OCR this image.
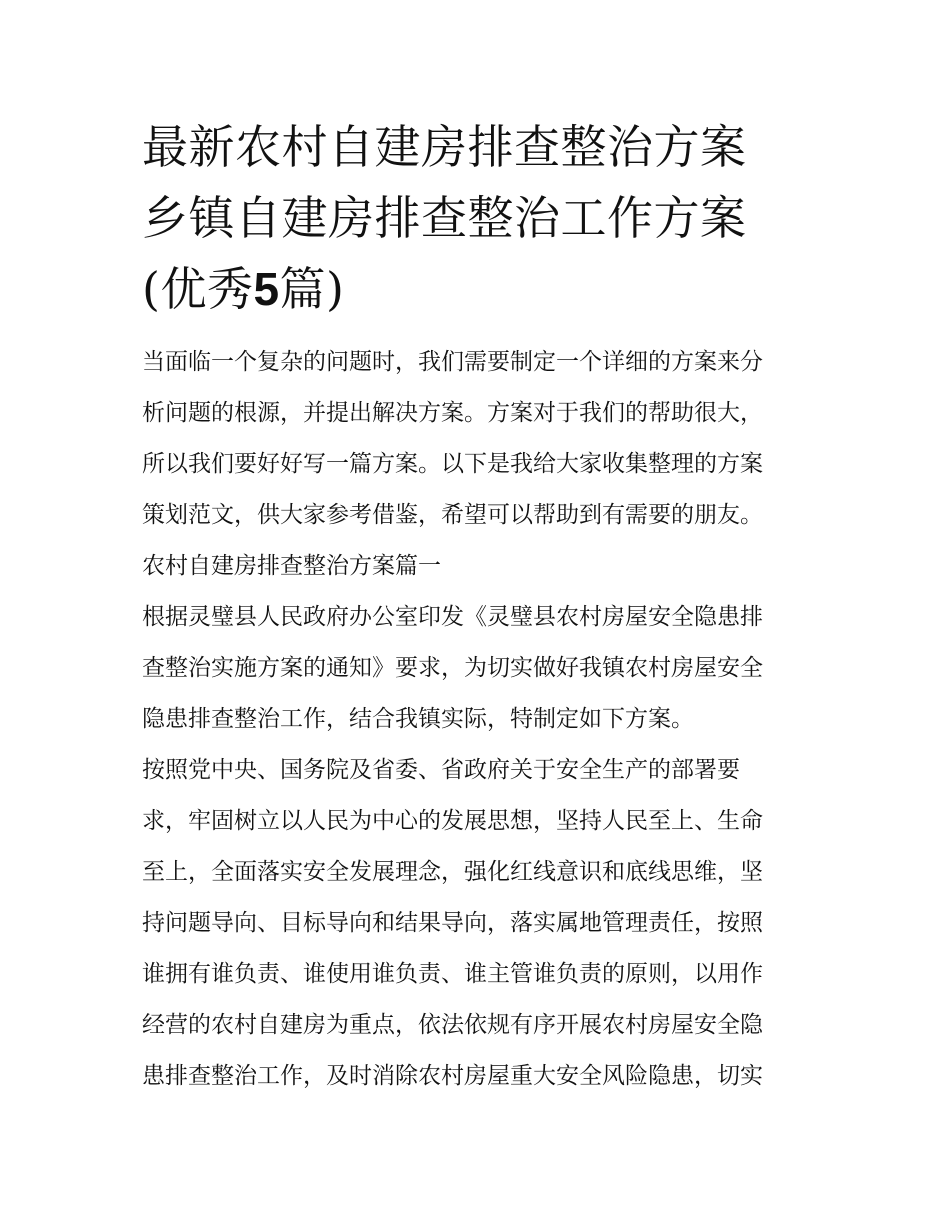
最新农村自建房排查整治方案
乡镇自建房排查整治工作方案
(优秀5篇)

当面临一个复杂的问题时，我们需要制定一个详细的方案来分
析问题的根源，并提出解决方案。方案对于我们的帮助很大，
所以我们要好好写一篇方案。以下是我给大家收集整理的方案
策划范文，供大家参考借鉴，希望可以帮助到有需要的朋友。

农村自建房排查整治方案篇一

根据灵璧县人民政府办公室印发《灵璧县农村房屋安全隐患排
查整治实施方案的通知》要求，为切实做好我镇农村房屋安全
隐患排查整治工作，结合我镇实际，特制定如下方案。

按照党中央、国务院及省委、省政府关于安全生产的部署要
求，牢固树立以人民为中心的发展思想，坚持人民至上、生命
至上，全面落实安全发展理念，强化红线意识和底线思维，坚
持问题导向、目标导向和结果导向，落实属地管理责任，按照
谁拥有谁负责、谁使用谁负责、谁主管谁负责的原则，以用作
经营的农村自建房为重点，依法依规有序开展农村房屋安全隐
患排查整治工作，及时消除农村房屋重大安全风险隐患，切实
